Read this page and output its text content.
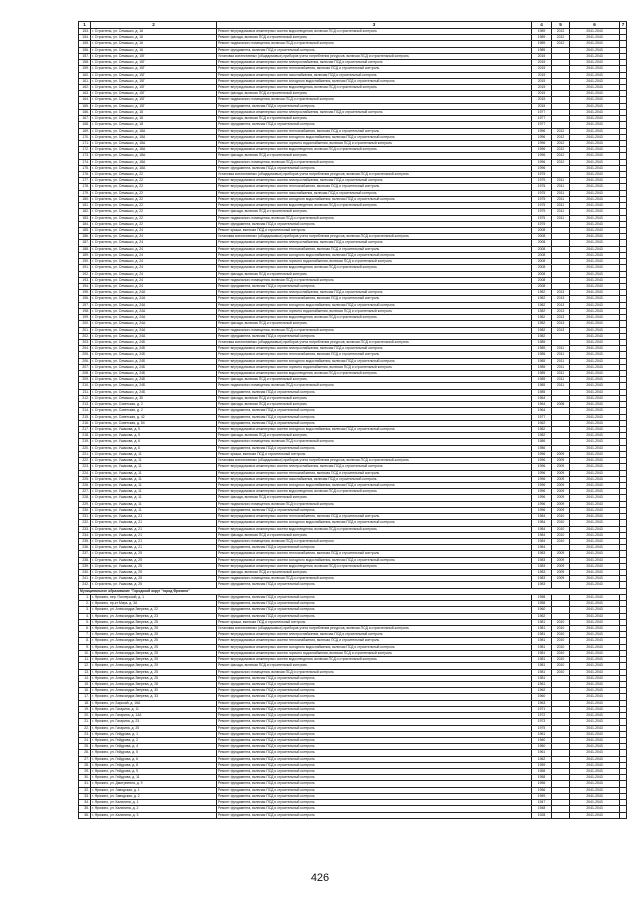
1	2	3	4	5	6	7
153.	г. Строитель, ул. Семашко, д. 16	Ремонт внутридомовых инженерных систем водоотведения, включая ПСД и строительный контроль	1989	2012	2041-2043	
154.	г. Строитель, ул. Семашко, д. 16	Ремонт фасада, включая ПСД и строительный контроль	1989	2012	2041-2043	
155.	г. Строитель, ул. Семашко, д. 16	Ремонт подвального помещения, включая ПСД и строительный контроль	1989	2012	2041-2043	
156.	г. Строитель, ул. Семашко, д. 16	Ремонт фундамента, включая ПСД и строительный контроль	1989		2041-2043	
157.	г. Строитель, ул. Семашко, д. 15Г	Установка коллективных (общедомовых) приборов учета потребления ресурсов, включая ПСД и строительный контроль	2015		2041-2043	
158.	г. Строитель, ул. Семашко, д. 15Г	Ремонт внутридомовых инженерных систем электроснабжения, включая ПСД и строительный контроль	2015		2041-2043	
159.	г. Строитель, ул. Семашко, д. 15Г	Ремонт внутридомовых инженерных систем теплоснабжения, включая ПСД и строительный контроль	2015		2041-2043	
160.	г. Строитель, ул. Семашко, д. 15Г	Ремонт внутридомовых инженерных систем газоснабжения, включая ПСД и строительный контроль	2015		2041-2043	
161.	г. Строитель, ул. Семашко, д. 15Г	Ремонт внутридомовых инженерных систем холодного водоснабжения, включая ПСД и строительный контроль	2015		2041-2043	
162.	г. Строитель, ул. Семашко, д. 15Г	Ремонт внутридомовых инженерных систем водоотведения, включая ПСД и строительный контроль	2015		2041-2043	
163.	г. Строитель, ул. Семашко, д. 15Г	Ремонт фасада, включая ПСД и строительный контроль	2015		2041-2043	
164.	г. Строитель, ул. Семашко, д. 15Г	Ремонт подвального помещения, включая ПСД и строительный контроль	2015		2041-2043	
165.	г. Строитель, ул. Семашко, д. 15Г	Ремонт фундамента, включая ПСД и строительный контроль	2015		2041-2043	
166.	г. Строитель, ул. Семашко, д. 18	Ремонт внутридомовых инженерных систем электроснабжения, включая ПСД и строительный контроль	1977		2041-2043	
167.	г. Строитель, ул. Семашко, д. 18	Ремонт фасада, включая ПСД и строительный контроль	1977		2041-2043	
168.	г. Строитель, ул. Семашко, д. 18	Ремонт фундамента, включая ПСД и строительный контроль	1977		2041-2043	
169.	г. Строитель, ул. Семашко, д. 18А	Ремонт внутридомовых инженерных систем теплоснабжения, включая ПСД и строительный контроль	1996	2012	2041-2043	
170.	г. Строитель, ул. Семашко, д. 18А	Ремонт внутридомовых инженерных систем холодного водоснабжения, включая ПСД и строительный контроль	1996	2012	2041-2043	
171.	г. Строитель, ул. Семашко, д. 18А	Ремонт внутридомовых инженерных систем горячего водоснабжения, включая ПСД и строительный контроль	1996	2012	2041-2043	
172.	г. Строитель, ул. Семашко, д. 18А	Ремонт внутридомовых инженерных систем водоотведения, включая ПСД и строительный контроль	1996	2012	2041-2043	
173.	г. Строитель, ул. Семашко, д. 18А	Ремонт фасада, включая ПСД и строительный контроль	1996	2012	2041-2043	
174.	г. Строитель, ул. Семашко, д. 18А	Ремонт подвального помещения, включая ПСД и строительный контроль	1996	2012	2041-2043	
175.	г. Строитель, ул. Семашко, д. 18А	Ремонт фундамента, включая ПСД и строительный контроль	1996		2041-2043	
176.	г. Строитель, ул. Семашко, д. 22	Установка коллективных (общедомовых) приборов учета потребления ресурсов, включая ПСД и строительный контроль	1975		2041-2043	
177.	г. Строитель, ул. Семашко, д. 22	Ремонт внутридомовых инженерных систем электроснабжения, включая ПСД и строительный контроль	1975	2011	2041-2043	
178.	г. Строитель, ул. Семашко, д. 22	Ремонт внутридомовых инженерных систем теплоснабжения, включая ПСД и строительный контроль	1975	2011	2041-2043	
179.	г. Строитель, ул. Семашко, д. 22	Ремонт внутридомовых инженерных систем газоснабжения, включая ПСД и строительный контроль	1975	2011	2041-2043	
180.	г. Строитель, ул. Семашко, д. 22	Ремонт внутридомовых инженерных систем холодного водоснабжения, включая ПСД и строительный контроль	1975	2011	2041-2043	
181.	г. Строитель, ул. Семашко, д. 22	Ремонт внутридомовых инженерных систем водоотведения, включая ПСД и строительный контроль	1975	2011	2041-2043	
182.	г. Строитель, ул. Семашко, д. 22	Ремонт фасада, включая ПСД и строительный контроль	1975	2011	2041-2043	
183.	г. Строитель, ул. Семашко, д. 22	Ремонт подвального помещения, включая ПСД и строительный контроль	1975	2011	2041-2043	
184.	г. Строитель, ул. Семашко, д. 22	Ремонт фундамента, включая ПСД и строительный контроль	1975		2041-2043	
185.	г. Строитель, ул. Семашко, д. 24	Ремонт крыши, включая ПСД и строительный контроль	2008		2041-2043	
186.	г. Строитель, ул. Семашко, д. 24	Установка коллективных (общедомовых) приборов учета потребления ресурсов, включая ПСД и строительный контроль	2008		2041-2043	
187.	г. Строитель, ул. Семашко, д. 24	Ремонт внутридомовых инженерных систем электроснабжения, включая ПСД и строительный контроль	2008		2041-2043	
188.	г. Строитель, ул. Семашко, д. 24	Ремонт внутридомовых инженерных систем теплоснабжения, включая ПСД и строительный контроль	2008		2041-2043	
189.	г. Строитель, ул. Семашко, д. 24	Ремонт внутридомовых инженерных систем холодного водоснабжения, включая ПСД и строительный контроль	2008		2041-2043	
190.	г. Строитель, ул. Семашко, д. 24	Ремонт внутридомовых инженерных систем горячего водоснабжения, включая ПСД и строительный контроль	2008		2041-2043	
191.	г. Строитель, ул. Семашко, д. 24	Ремонт внутридомовых инженерных систем водоотведения, включая ПСД и строительный контроль	2008		2041-2043	
192.	г. Строитель, ул. Семашко, д. 24	Ремонт фасада, включая ПСД и строительный контроль	2008		2041-2043	
193.	г. Строитель, ул. Семашко, д. 24	Ремонт подвального помещения, включая ПСД и строительный контроль	2008		2041-2043	
194.	г. Строитель, ул. Семашко, д. 24	Ремонт фундамента, включая ПСД и строительный контроль	2008		2041-2043	
195.	г. Строитель, ул. Семашко, д. 24А	Ремонт внутридомовых инженерных систем электроснабжения, включая ПСД и строительный контроль	1982	2013	2041-2043	
196.	г. Строитель, ул. Семашко, д. 24А	Ремонт внутридомовых инженерных систем теплоснабжения, включая ПСД и строительный контроль	1982	2013	2041-2043	
197.	г. Строитель, ул. Семашко, д. 24А	Ремонт внутридомовых инженерных систем холодного водоснабжения, включая ПСД и строительный контроль	1982	2013	2041-2043	
198.	г. Строитель, ул. Семашко, д. 24А	Ремонт внутридомовых инженерных систем горячего водоснабжения, включая ПСД и строительный контроль	1982	2013	2041-2043	
199.	г. Строитель, ул. Семашко, д. 24А	Ремонт внутридомовых инженерных систем водоотведения, включая ПСД и строительный контроль	1982	2013	2041-2043	
200.	г. Строитель, ул. Семашко, д. 24А	Ремонт фасада, включая ПСД и строительный контроль	1982	2013	2041-2043	
201.	г. Строитель, ул. Семашко, д. 24А	Ремонт подвального помещения, включая ПСД и строительный контроль	1982	2013	2041-2043	
202.	г. Строитель, ул. Семашко, д. 24А	Ремонт фундамента, включая ПСД и строительный контроль	1982		2041-2043	
203.	г. Строитель, ул. Семашко, д. 24Б	Установка коллективных (общедомовых) приборов учета потребления ресурсов, включая ПСД и строительный контроль	1985		2041-2043	
204.	г. Строитель, ул. Семашко, д. 24Б	Ремонт внутридомовых инженерных систем электроснабжения, включая ПСД и строительный контроль	1985	2011	2041-2043	
205.	г. Строитель, ул. Семашко, д. 24Б	Ремонт внутридомовых инженерных систем теплоснабжения, включая ПСД и строительный контроль	1985	2011	2041-2043	
206.	г. Строитель, ул. Семашко, д. 24Б	Ремонт внутридомовых инженерных систем холодного водоснабжения, включая ПСД и строительный контроль	1985	2011	2041-2043	
207.	г. Строитель, ул. Семашко, д. 24Б	Ремонт внутридомовых инженерных систем горячего водоснабжения, включая ПСД и строительный контроль	1985	2011	2041-2043	
208.	г. Строитель, ул. Семашко, д. 24Б	Ремонт внутридомовых инженерных систем водоотведения, включая ПСД и строительный контроль	1985	2011	2041-2043	
209.	г. Строитель, ул. Семашко, д. 24Б	Ремонт фасада, включая ПСД и строительный контроль	1985	2011	2041-2043	
210.	г. Строитель, ул. Семашко, д. 24Б	Ремонт подвального помещения, включая ПСД и строительный контроль	1985	2011	2041-2043	
211.	г. Строитель, ул. Семашко, д. 24Б	Ремонт фундамента, включая ПСД и строительный контроль	1985		2041-2043	
212.	г. Строитель, ул. Семашко, д. 30	Ремонт фасада, включая ПСД и строительный контроль	1964		2041-2043	
213.	г. Строитель, ул. Советская, д. 2	Ремонт фасада, включая ПСД и строительный контроль	1964	2008	2041-2043	
214.	г. Строитель, ул. Советская, д. 2	Ремонт фундамента, включая ПСД и строительный контроль	1964		2041-2043	
215.	г. Строитель, ул. Советская, д. 42	Ремонт фундамента, включая ПСД и строительный контроль	1977		2041-2043	
216.	г. Строитель, ул. Советская, д. 54	Ремонт фундамента, включая ПСД и строительный контроль	1962		2041-2043	
217.	г. Строитель, ул. Ушакова, д. 5	Ремонт внутридомовых инженерных систем холодного водоснабжения, включая ПСД и строительный контроль	1982		2041-2043	
218.	г. Строитель, ул. Ушакова, д. 5	Ремонт фасада, включая ПСД и строительный контроль	1982		2041-2043	
219.	г. Строитель, ул. Ушакова, д. 6	Ремонт подвального помещения, включая ПСД и строительный контроль	1986		2041-2043	
220.	г. Строитель, ул. Ушакова, д. 6	Ремонт фундамента, включая ПСД и строительный контроль	1986		2041-2043	
221.	г. Строитель, ул. Ушакова, д. 11	Ремонт крыши, включая ПСД и строительный контроль	1996	2009	2041-2043	
222.	г. Строитель, ул. Ушакова, д. 11	Установка коллективных (общедомовых) приборов учета потребления ресурсов, включая ПСД и строительный контроль	1996	2009	2041-2043	
223.	г. Строитель, ул. Ушакова, д. 11	Ремонт внутридомовых инженерных систем электроснабжения, включая ПСД и строительный контроль	1996	2009	2041-2043	
224.	г. Строитель, ул. Ушакова, д. 11	Ремонт внутридомовых инженерных систем теплоснабжения, включая ПСД и строительный контроль	1996	2009	2041-2043	
225.	г. Строитель, ул. Ушакова, д. 11	Ремонт внутридомовых инженерных систем газоснабжения, включая ПСД и строительный контроль	1996	2009	2041-2043	
226.	г. Строитель, ул. Ушакова, д. 11	Ремонт внутридомовых инженерных систем холодного водоснабжения, включая ПСД и строительный контроль	1996	2009	2041-2043	
227.	г. Строитель, ул. Ушакова, д. 11	Ремонт внутридомовых инженерных систем водоотведения, включая ПСД и строительный контроль	1996	2009	2041-2043	
228.	г. Строитель, ул. Ушакова, д. 11	Ремонт фасада, включая ПСД и строительный контроль	1996	2009	2041-2043	
229.	г. Строитель, ул. Ушакова, д. 11	Ремонт подвального помещения, включая ПСД и строительный контроль	1996	2009	2041-2043	
230.	г. Строитель, ул. Ушакова, д. 11	Ремонт фундамента, включая ПСД и строительный контроль	1996	2009	2041-2043	
231.	г. Строитель, ул. Ушакова, д. 21	Ремонт внутридомовых инженерных систем теплоснабжения, включая ПСД и строительный контроль	1984	2010	2041-2043	
232.	г. Строитель, ул. Ушакова, д. 21	Ремонт внутридомовых инженерных систем холодного водоснабжения, включая ПСД и строительный контроль	1984	2010	2041-2043	
233.	г. Строитель, ул. Ушакова, д. 21	Ремонт внутридомовых инженерных систем водоотведения, включая ПСД и строительный контроль	1984	2010	2041-2043	
234.	г. Строитель, ул. Ушакова, д. 21	Ремонт фасада, включая ПСД и строительный контроль	1984	2010	2041-2043	
235.	г. Строитель, ул. Ушакова, д. 21	Ремонт подвального помещения, включая ПСД и строительный контроль	1984	2010	2041-2043	
236.	г. Строитель, ул. Ушакова, д. 21	Ремонт фундамента, включая ПСД и строительный контроль	1984		2041-2043	
237.	г. Строитель, ул. Ушакова, д. 25	Ремонт внутридомовых инженерных систем теплоснабжения, включая ПСД и строительный контроль	1983	2009	2041-2043	
238.	г. Строитель, ул. Ушакова, д. 25	Ремонт внутридомовых инженерных систем холодного водоснабжения, включая ПСД и строительный контроль	1983	2009	2041-2043	
239.	г. Строитель, ул. Ушакова, д. 25	Ремонт внутридомовых инженерных систем водоотведения, включая ПСД и строительный контроль	1983	2009	2041-2043	
240.	г. Строитель, ул. Ушакова, д. 25	Ремонт фасада, включая ПСД и строительный контроль	1983	2009	2041-2043	
241.	г. Строитель, ул. Ушакова, д. 25	Ремонт подвального помещения, включая ПСД и строительный контроль	1983	2009	2041-2043	
242.	г. Строитель, ул. Ушакова, д. 25	Ремонт фундамента, включая ПСД и строительный контроль	1983		2041-2043	
Муниципальное образование "Городской округ "город Фрязино"						
1.	г. Фрязино, пер. Пионерский, д. 1	Ремонт фундамента, включая ПСД и строительный контроль	1958		2041-2043	
2.	г. Фрязино, пр-кт Мира, д. 3А	Ремонт фундамента, включая ПСД и строительный контроль	1958		2041-2043	
3.	г. Фрязино, ул. Александра Зверева, д. 22	Ремонт фундамента, включая ПСД и строительный контроль	1960		2041-2043	
4.	г. Фрязино, ул. Александра Зверева, д. 23	Ремонт фундамента, включая ПСД и строительный контроль	1962		2041-2043	
5.	г. Фрязино, ул. Александра Зверева, д. 25	Ремонт крыши, включая ПСД и строительный контроль	1981	2010	2041-2043	
6.	г. Фрязино, ул. Александра Зверева, д. 25	Установка коллективных (общедомовых) приборов учета потребления ресурсов, включая ПСД и строительный контроль	1981	2010	2041-2043	
7.	г. Фрязино, ул. Александра Зверева, д. 25	Ремонт внутридомовых инженерных систем электроснабжения, включая ПСД и строительный контроль	1981	2010	2041-2043	
8.	г. Фрязино, ул. Александра Зверева, д. 25	Ремонт внутридомовых инженерных систем теплоснабжения, включая ПСД и строительный контроль	1981	2010	2041-2043	
9.	г. Фрязино, ул. Александра Зверева, д. 25	Ремонт внутридомовых инженерных систем холодного водоснабжения, включая ПСД и строительный контроль	1981	2010	2041-2043	
10.	г. Фрязино, ул. Александра Зверева, д. 25	Ремонт внутридомовых инженерных систем горячего водоснабжения, включая ПСД и строительный контроль	1981	2010	2041-2043	
11.	г. Фрязино, ул. Александра Зверева, д. 25	Ремонт внутридомовых инженерных систем водоотведения, включая ПСД и строительный контроль	1981	2010	2041-2043	
12.	г. Фрязино, ул. Александра Зверева, д. 25	Ремонт фасада, включая ПСД и строительный контроль	1981	2010	2041-2043	
13.	г. Фрязино, ул. Александра Зверева, д. 25	Ремонт подвального помещения, включая ПСД и строительный контроль	1981	2010	2041-2043	
14.	г. Фрязино, ул. Александра Зверева, д. 25	Ремонт фундамента, включая ПСД и строительный контроль	1981		2041-2043	
15.	г. Фрязино, ул. Александра Зверева, д. 28	Ремонт фундамента, включая ПСД и строительный контроль	1961		2041-2043	
16.	г. Фрязино, ул. Александра Зверева, д. 30	Ремонт фундамента, включая ПСД и строительный контроль	1962		2041-2043	
17.	г. Фрязино, ул. Александра Зверева, д. 33	Ремонт фундамента, включая ПСД и строительный контроль	1960		2041-2043	
18.	г. Фрязино, ул. Барский, д. 16А	Ремонт фундамента, включая ПСД и строительный контроль	1963		2041-2043	
19.	г. Фрязино, ул. Гагарина, д. 11	Ремонт фундамента, включая ПСД и строительный контроль	1971		2041-2043	
20.	г. Фрязино, ул. Гагарина, д. 14А	Ремонт фундамента, включая ПСД и строительный контроль	1972		2041-2043	
21.	г. Фрязино, ул. Гагарина, д. 23	Ремонт фундамента, включая ПСД и строительный контроль	1973		2041-2043	
22.	г. Фрязино, ул. Гагарина, д. 25	Ремонт фундамента, включая ПСД и строительный контроль	1975		2041-2043	
23.	г. Фрязино, ул. Гейдрова, д. 1	Ремонт фундамента, включая ПСД и строительный контроль	1961		2041-2043	
24.	г. Фрязино, ул. Гейдрова, д. 2	Ремонт фундамента, включая ПСД и строительный контроль	1960		2041-2043	
25.	г. Фрязино, ул. Гейдрова, д. 4	Ремонт фундамента, включая ПСД и строительный контроль	1960		2041-2043	
26.	г. Фрязино, ул. Гейдрова, д. 5	Ремонт фундамента, включая ПСД и строительный контроль	1961		2041-2043	
27.	г. Фрязино, ул. Гейдрова, д. 6	Ремонт фундамента, включая ПСД и строительный контроль	1962		2041-2043	
28.	г. Фрязино, ул. Гейдрова, д. 8	Ремонт фундамента, включая ПСД и строительный контроль	1959		2041-2043	
29.	г. Фрязино, ул. Гейдрова, д. 9	Ремонт фундамента, включая ПСД и строительный контроль	1958		2041-2043	
30.	г. Фрязино, ул. Гейдрова, д. 11	Ремонт фундамента, включая ПСД и строительный контроль	1958		2041-2043	
31.	г. Фрязино, ул. Дмитриевна, д. 9	Ремонт фундамента, включая ПСД и строительный контроль	1956		2041-2043	
32.	г. Фрязино, ул. Заводская, д. 1	Ремонт фундамента, включая ПСД и строительный контроль	1956		2041-2043	
33.	г. Фрязино, ул. Заводская, д. 2	Ремонт фундамента, включая ПСД и строительный контроль	1959		2041-2043	
34.	г. Фрязино, ул. Калинина, д. 1	Ремонт фундамента, включая ПСД и строительный контроль	1947		2041-2043	
35.	г. Фрязино, ул. Калинина, д. 2	Ремонт фундамента, включая ПСД и строительный контроль	1948		2041-2043	
36.	г. Фрязино, ул. Калинина, д. 3	Ремонт фундамента, включая ПСД и строительный контроль	1928		2041-2043	
426
